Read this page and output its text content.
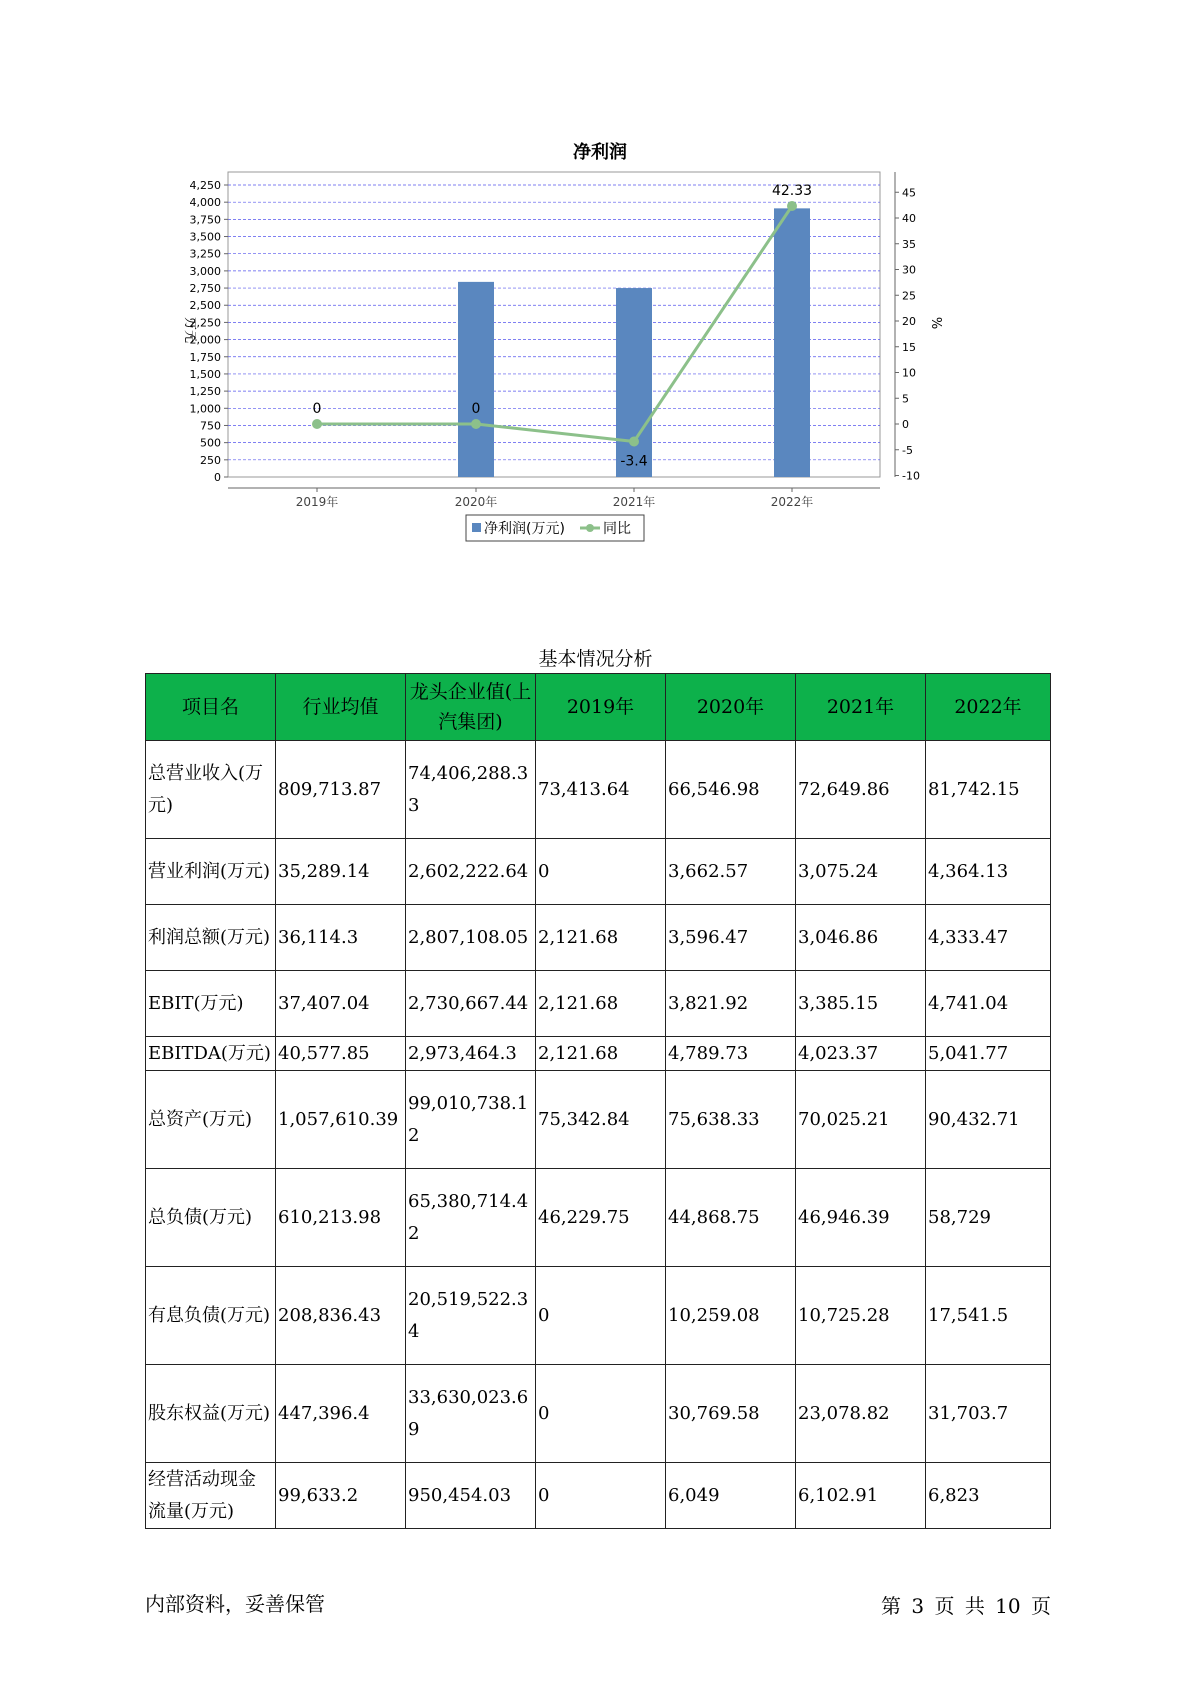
净利润
0
250
500
750
1,000
1,250
1,500
1,750
2,000
2,250
2,500
2,750
3,000
3,250
3,500
3,750
4,000
4,250
-10
-5
0
5
10
15
20
25
30
35
40
45
0	0
-3.4
42.33
2019年	2020年	2021年	2022年
万元	%
净利润(万元)	同比
基本情况分析
项目名	行业均值	龙头企业值(上汽集团)	2019年	2020年	2021年	2022年
总营业收入(万元)	809,713.87	74,406,288.33	73,413.64	66,546.98	72,649.86	81,742.15
营业利润(万元)	35,289.14	2,602,222.64	0	3,662.57	3,075.24	4,364.13
利润总额(万元)	36,114.3	2,807,108.05	2,121.68	3,596.47	3,046.86	4,333.47
EBIT(万元)	37,407.04	2,730,667.44	2,121.68	3,821.92	3,385.15	4,741.04
EBITDA(万元)	40,577.85	2,973,464.3	2,121.68	4,789.73	4,023.37	5,041.77
总资产(万元)	1,057,610.39	99,010,738.12	75,342.84	75,638.33	70,025.21	90,432.71
总负债(万元)	610,213.98	65,380,714.42	46,229.75	44,868.75	46,946.39	58,729
有息负债(万元)	208,836.43	20,519,522.34	0	10,259.08	10,725.28	17,541.5
股东权益(万元)	447,396.4	33,630,023.69	0	30,769.58	23,078.82	31,703.7
经营活动现金流量(万元)	99,633.2	950,454.03	0	6,049	6,102.91	6,823
内部资料，妥善保管	第 3 页 共 10 页
